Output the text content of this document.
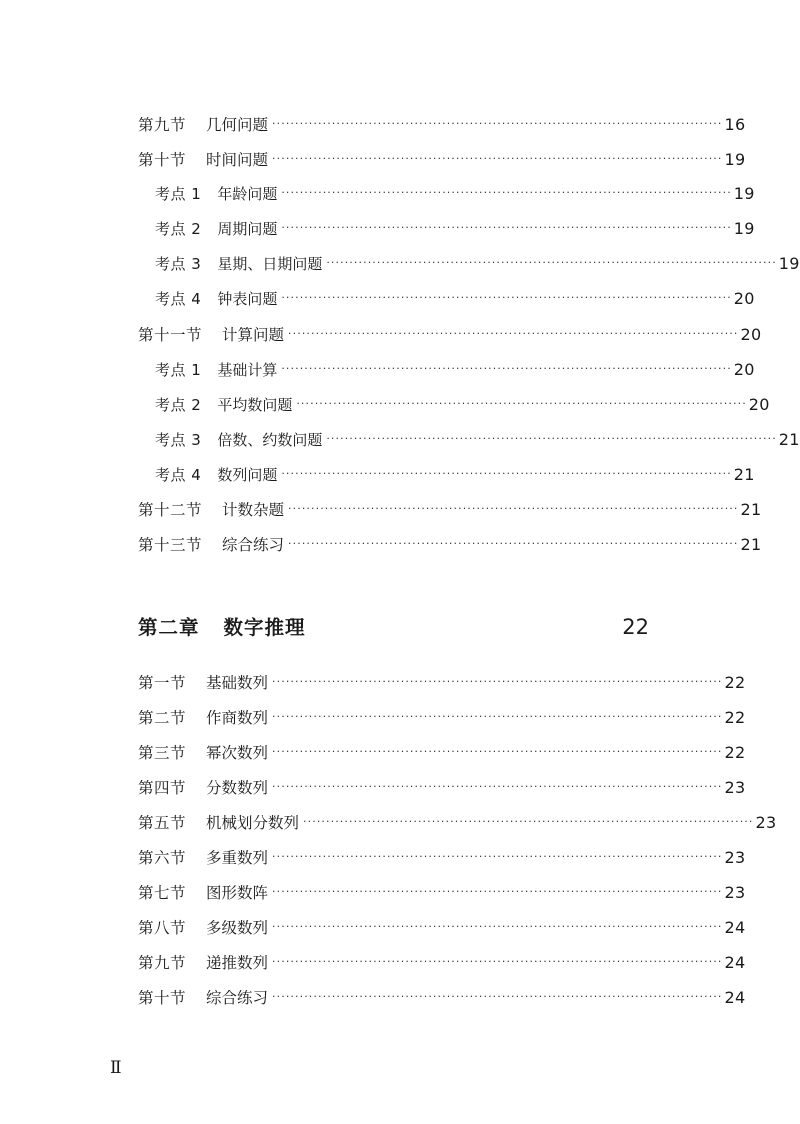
第九节 几何问题 ·································································································· 16
第十节 时间问题 ·································································································· 19
考点 1 年龄问题 ·································································································· 19
考点 2 周期问题 ·································································································· 19
考点 3 星期、日期问题 ·································································································· 19
考点 4 钟表问题 ·································································································· 20
第十一节 计算问题 ·································································································· 20
考点 1 基础计算 ·································································································· 20
考点 2 平均数问题 ·································································································· 20
考点 3 倍数、约数问题 ·································································································· 21
考点 4 数列问题 ·································································································· 21
第十二节 计数杂题 ·································································································· 21
第十三节 综合练习 ·································································································· 21
第二章 数字推理	22
第一节 基础数列 ·································································································· 22
第二节 作商数列 ·································································································· 22
第三节 幂次数列 ·································································································· 22
第四节 分数数列 ·································································································· 23
第五节 机械划分数列 ·································································································· 23
第六节 多重数列 ·································································································· 23
第七节 图形数阵 ·································································································· 23
第八节 多级数列 ·································································································· 24
第九节 递推数列 ·································································································· 24
第十节 综合练习 ·································································································· 24
Ⅱ
